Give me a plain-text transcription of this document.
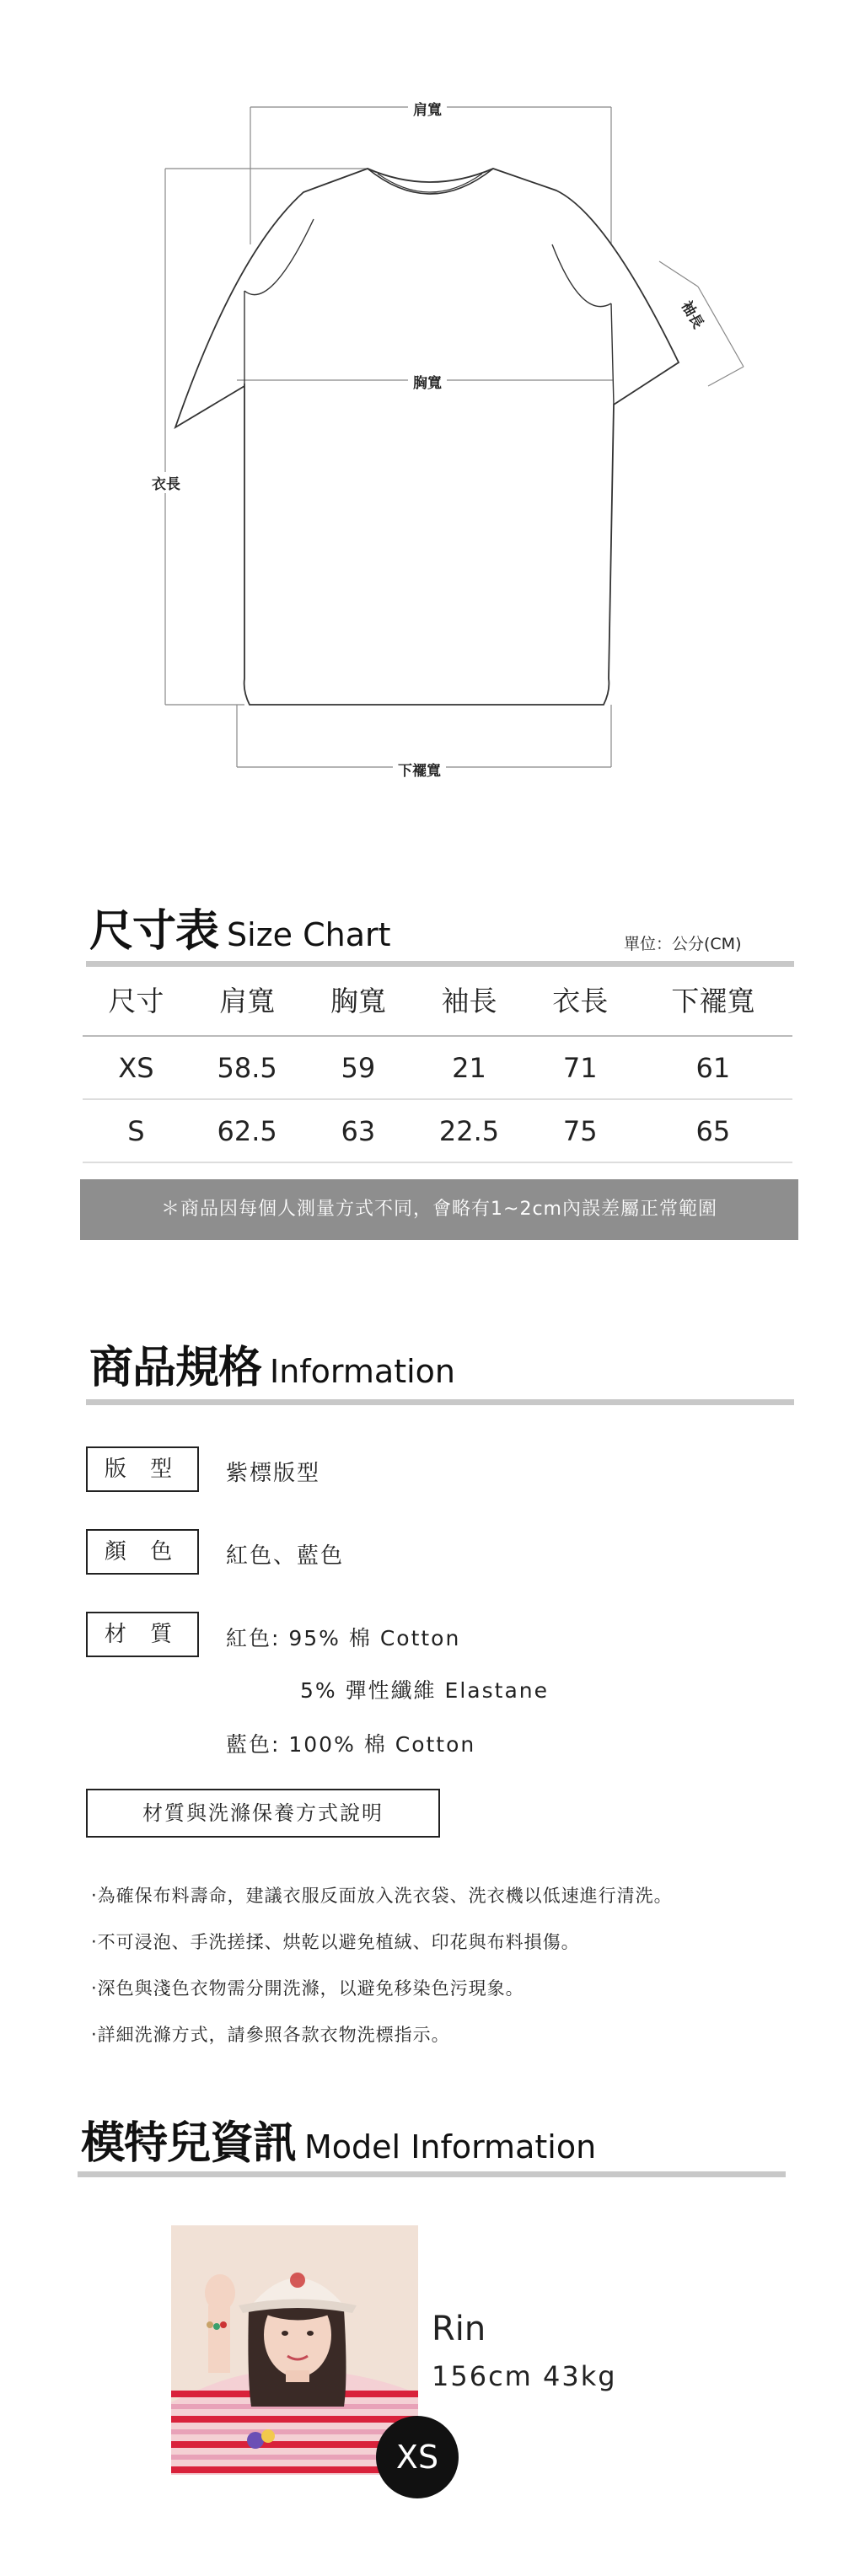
肩寬
胸寬
衣長
下襬寬
袖長
尺寸表 Size Chart	單位：公分(CM)
尺寸	肩寬	胸寬	袖長	衣長	下襬寬
XS	58.5	59	21	71	61
S	62.5	63	22.5	75	65
＊商品因每個人測量方式不同，會略有1~2cm內誤差屬正常範圍
商品規格 Information
版 型	紫標版型
顏 色	紅色、藍色
材 質	紅色: 95% 棉 Cotton
5% 彈性纖維 Elastane
藍色: 100% 棉 Cotton
材質與洗滌保養方式說明
‧為確保布料壽命，建議衣服反面放入洗衣袋、洗衣機以低速進行清洗。
‧不可浸泡、手洗搓揉、烘乾以避免植絨、印花與布料損傷。
‧深色與淺色衣物需分開洗滌，以避免移染色污現象。
‧詳細洗滌方式，請參照各款衣物洗標指示。
模特兒資訊 Model Information
Rin
156cm 43kg
XS
